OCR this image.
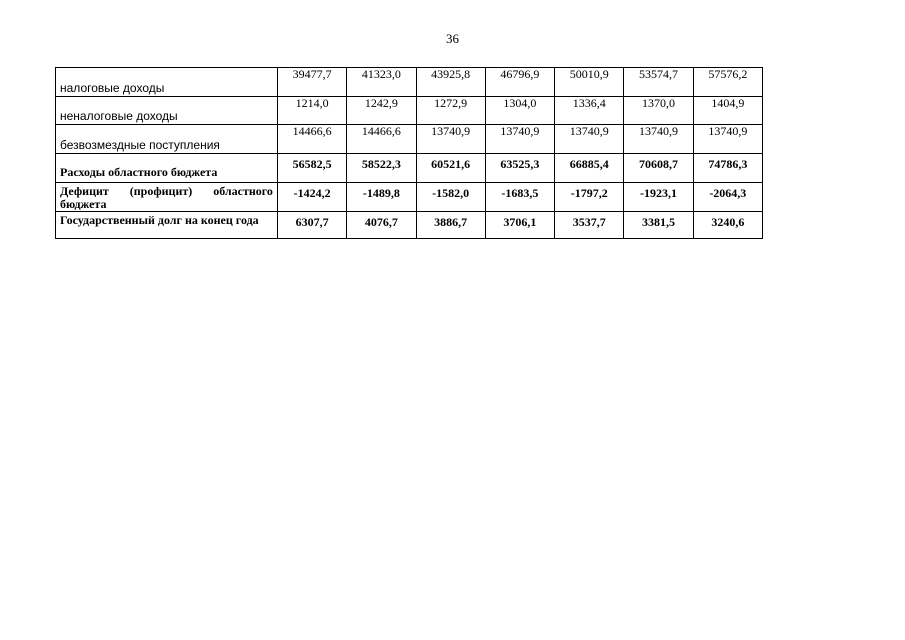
36
налоговые доходы	39477,7	41323,0	43925,8	46796,9	50010,9	53574,7	57576,2
неналоговые доходы	1214,0	1242,9	1272,9	1304,0	1336,4	1370,0	1404,9
безвозмездные поступления	14466,6	14466,6	13740,9	13740,9	13740,9	13740,9	13740,9
Расходы областного бюджета	56582,5	58522,3	60521,6	63525,3	66885,4	70608,7	74786,3
Дефицит (профицит) областного бюджета	-1424,2	-1489,8	-1582,0	-1683,5	-1797,2	-1923,1	-2064,3
Государственный долг на конец года	6307,7	4076,7	3886,7	3706,1	3537,7	3381,5	3240,6
